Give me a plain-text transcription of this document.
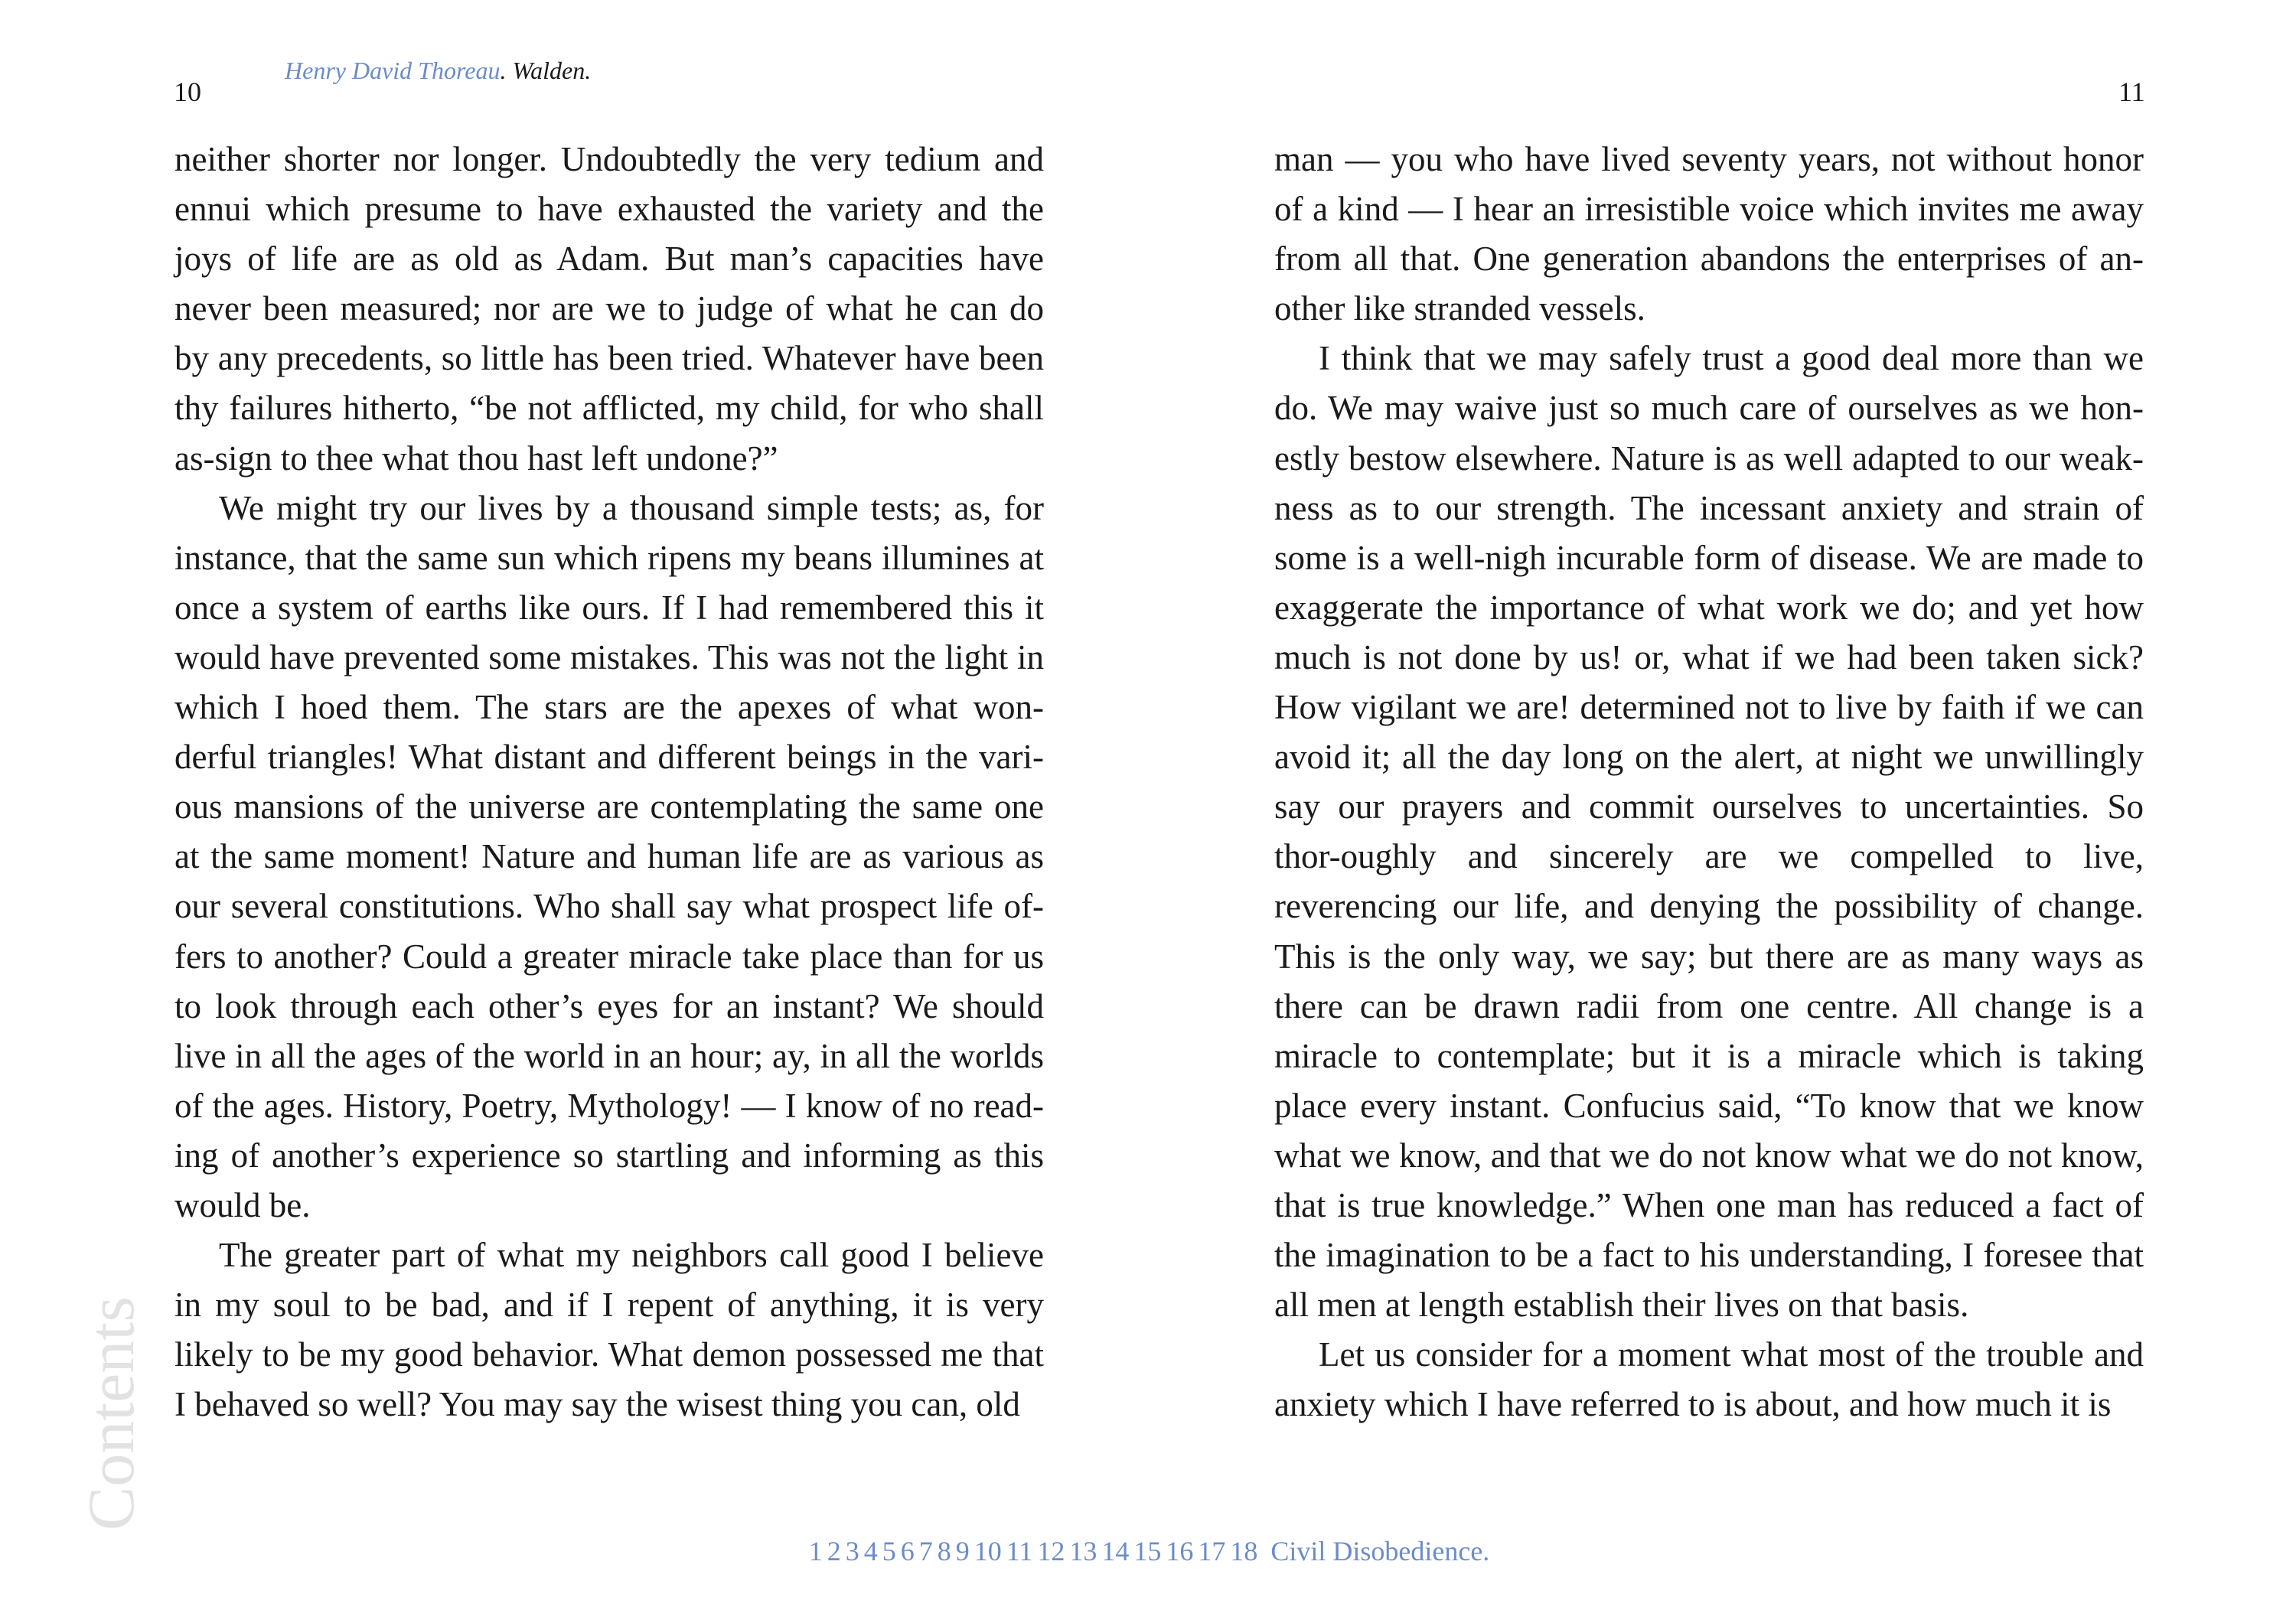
10	11
Henry David Thoreau. Walden.

neither shorter nor longer. Undoubtedly the very tedium and ennui which presume to have exhausted the variety and the joys of life are as old as Adam. But man’s capacities have never been measured; nor are we to judge of what he can do by any precedents, so little has been tried. Whatever have been thy failures hitherto, “be not afflicted, my child, for who shall as-sign to thee what thou hast left undone?”

We might try our lives by a thousand simple tests; as, for instance, that the same sun which ripens my beans illumines at once a system of earths like ours. If I had remembered this it would have prevented some mistakes. This was not the light in which I hoed them. The stars are the apexes of what won-derful triangles! What distant and different beings in the vari-ous mansions of the universe are contemplating the same one at the same moment! Nature and human life are as various as our several constitutions. Who shall say what prospect life of-fers to another? Could a greater miracle take place than for us to look through each other’s eyes for an instant? We should live in all the ages of the world in an hour; ay, in all the worlds of the ages. History, Poetry, Mythology! — I know of no read-ing of another’s experience so startling and informing as this would be.

The greater part of what my neighbors call good I believe in my soul to be bad, and if I repent of anything, it is very likely to be my good behavior. What demon possessed me that I behaved so well? You may say the wisest thing you can, old

man — you who have lived seventy years, not without honor of a kind — I hear an irresistible voice which invites me away from all that. One generation abandons the enterprises of an-other like stranded vessels.

I think that we may safely trust a good deal more than we do. We may waive just so much care of ourselves as we hon-estly bestow elsewhere. Nature is as well adapted to our weak-ness as to our strength. The incessant anxiety and strain of some is a well-nigh incurable form of disease. We are made to exaggerate the importance of what work we do; and yet how much is not done by us! or, what if we had been taken sick? How vigilant we are! determined not to live by faith if we can avoid it; all the day long on the alert, at night we unwillingly say our prayers and commit ourselves to uncertainties. So thor-oughly and sincerely are we compelled to live, reverencing our life, and denying the possibility of change. This is the only way, we say; but there are as many ways as there can be drawn radii from one centre. All change is a miracle to contemplate; but it is a miracle which is taking place every instant. Confucius said, “To know that we know what we know, and that we do not know what we do not know, that is true knowledge.” When one man has reduced a fact of the imagination to be a fact to his understanding, I foresee that all men at length establish their lives on that basis.

Let us consider for a moment what most of the trouble and anxiety which I have referred to is about, and how much it is

Contents
1 2 3 4 5 6 7 8 9 10 11 12 13 14 15 16 17 18 Civil Disobedience.
